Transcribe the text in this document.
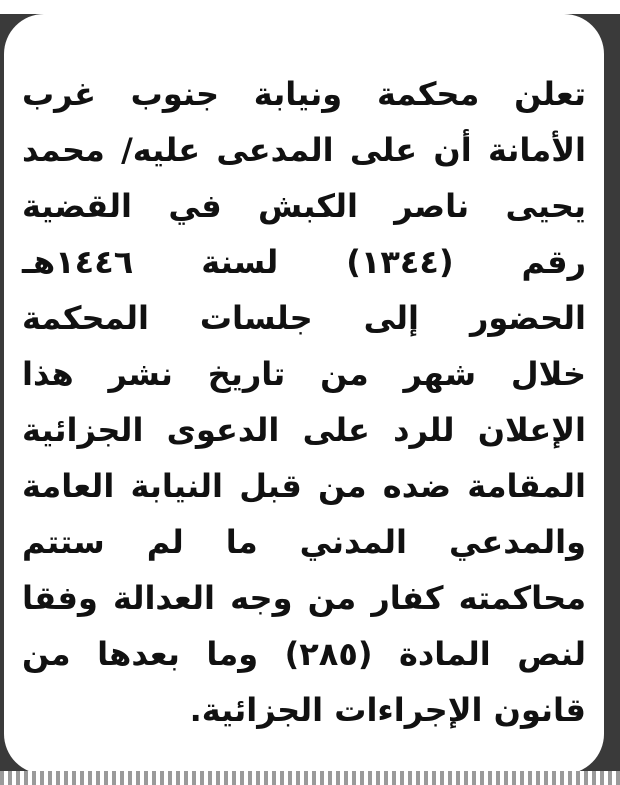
تعلن محكمة ونيابة جنوب غرب
الأمانة أن على المدعى عليه/ محمد
يحيى ناصر الكبش في القضية
رقم (١٣٤٤) لسنة ١٤٤٦هـ
الحضور إلى جلسات المحكمة
خلال شهر من تاريخ نشر هذا
الإعلان للرد على الدعوى الجزائية
المقامة ضده من قبل النيابة العامة
والمدعي المدني ما لم ستتم
محاكمته كفار من وجه العدالة وفقا
لنص المادة (٢٨٥) وما بعدها من
قانون الإجراءات الجزائية.
